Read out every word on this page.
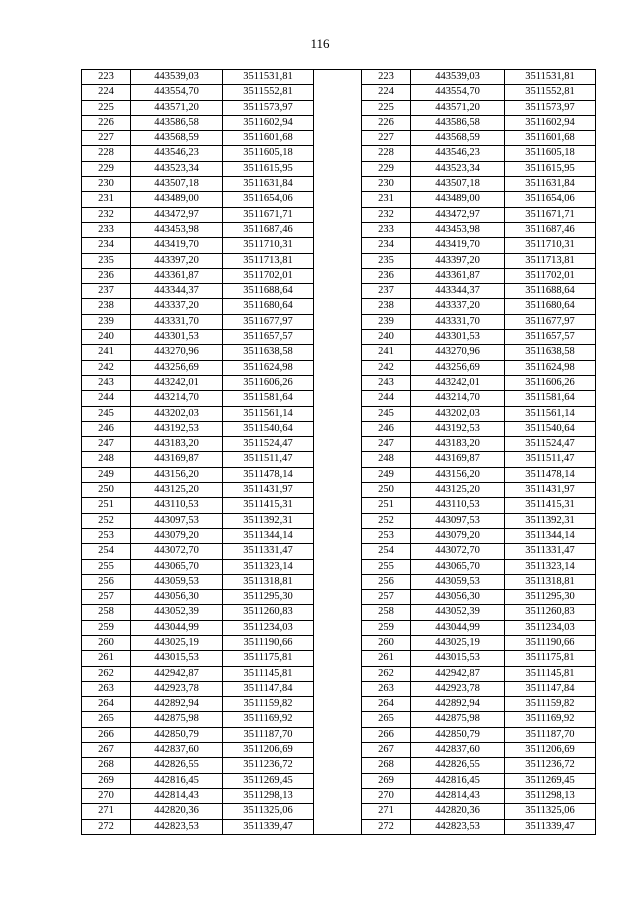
116
223	443539,03	3511531,81		223	443539,03	3511531,81
224	443554,70	3511552,81		224	443554,70	3511552,81
225	443571,20	3511573,97		225	443571,20	3511573,97
226	443586,58	3511602,94		226	443586,58	3511602,94
227	443568,59	3511601,68		227	443568,59	3511601,68
228	443546,23	3511605,18		228	443546,23	3511605,18
229	443523,34	3511615,95		229	443523,34	3511615,95
230	443507,18	3511631,84		230	443507,18	3511631,84
231	443489,00	3511654,06		231	443489,00	3511654,06
232	443472,97	3511671,71		232	443472,97	3511671,71
233	443453,98	3511687,46		233	443453,98	3511687,46
234	443419,70	3511710,31		234	443419,70	3511710,31
235	443397,20	3511713,81		235	443397,20	3511713,81
236	443361,87	3511702,01		236	443361,87	3511702,01
237	443344,37	3511688,64		237	443344,37	3511688,64
238	443337,20	3511680,64		238	443337,20	3511680,64
239	443331,70	3511677,97		239	443331,70	3511677,97
240	443301,53	3511657,57		240	443301,53	3511657,57
241	443270,96	3511638,58		241	443270,96	3511638,58
242	443256,69	3511624,98		242	443256,69	3511624,98
243	443242,01	3511606,26		243	443242,01	3511606,26
244	443214,70	3511581,64		244	443214,70	3511581,64
245	443202,03	3511561,14		245	443202,03	3511561,14
246	443192,53	3511540,64		246	443192,53	3511540,64
247	443183,20	3511524,47		247	443183,20	3511524,47
248	443169,87	3511511,47		248	443169,87	3511511,47
249	443156,20	3511478,14		249	443156,20	3511478,14
250	443125,20	3511431,97		250	443125,20	3511431,97
251	443110,53	3511415,31		251	443110,53	3511415,31
252	443097,53	3511392,31		252	443097,53	3511392,31
253	443079,20	3511344,14		253	443079,20	3511344,14
254	443072,70	3511331,47		254	443072,70	3511331,47
255	443065,70	3511323,14		255	443065,70	3511323,14
256	443059,53	3511318,81		256	443059,53	3511318,81
257	443056,30	3511295,30		257	443056,30	3511295,30
258	443052,39	3511260,83		258	443052,39	3511260,83
259	443044,99	3511234,03		259	443044,99	3511234,03
260	443025,19	3511190,66		260	443025,19	3511190,66
261	443015,53	3511175,81		261	443015,53	3511175,81
262	442942,87	3511145,81		262	442942,87	3511145,81
263	442923,78	3511147,84		263	442923,78	3511147,84
264	442892,94	3511159,82		264	442892,94	3511159,82
265	442875,98	3511169,92		265	442875,98	3511169,92
266	442850,79	3511187,70		266	442850,79	3511187,70
267	442837,60	3511206,69		267	442837,60	3511206,69
268	442826,55	3511236,72		268	442826,55	3511236,72
269	442816,45	3511269,45		269	442816,45	3511269,45
270	442814,43	3511298,13		270	442814,43	3511298,13
271	442820,36	3511325,06		271	442820,36	3511325,06
272	442823,53	3511339,47		272	442823,53	3511339,47
